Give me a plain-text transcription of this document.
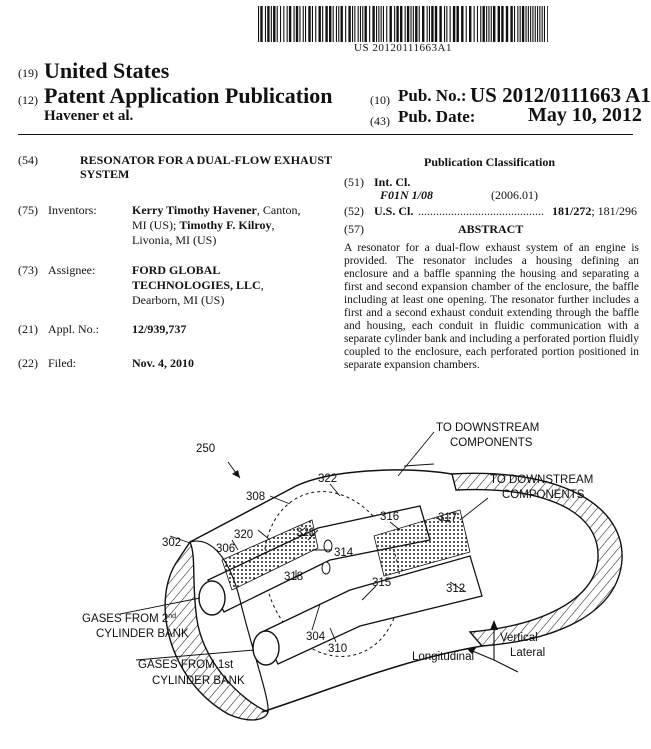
US 20120111663A1
(19) United States
(12) Patent Application Publication
Havener et al.
(10) Pub. No.: US 2012/0111663 A1
(43) Pub. Date:	May 10, 2012
(54)	RESONATOR FOR A DUAL-FLOW EXHAUST
SYSTEM
(75) Inventors:	Kerry Timothy Havener, Canton,
MI (US); Timothy F. Kilroy,
Livonia, MI (US)
(73) Assignee:	FORD GLOBAL
TECHNOLOGIES, LLC,
Dearborn, MI (US)
(21) Appl. No.:	12/939,737
(22) Filed:	Nov. 4, 2010
Publication Classification
(51) Int. Cl.
F01N 1/08	(2006.01)
(52) U.S. Cl. .......................................... 181/272; 181/296
(57)	ABSTRACT
A resonator for a dual-flow exhaust system of an engine is provided. The resonator includes a housing defining an enclosure and a baffle spanning the housing and separating a first and second expansion chamber of the enclosure, the baffle including at least one opening. The resonator further includes a first and a second exhaust conduit extending through the baffle and housing, each conduit in fluidic communication with a separate cylinder bank and including a perforated portion fluidly coupled to the enclosure, each perforated portion positioned in separate expansion chambers.
250
TO DOWNSTREAM
COMPONENTS
TO DOWNSTREAM
COMPONENTS
322
308
316	317
320	321
306
302
314
318	315	312
304
310
GASES FROM 2nd
CYLINDER BANK
GASES FROM 1st
CYLINDER BANK
Vertical
Longitudinal	Lateral
